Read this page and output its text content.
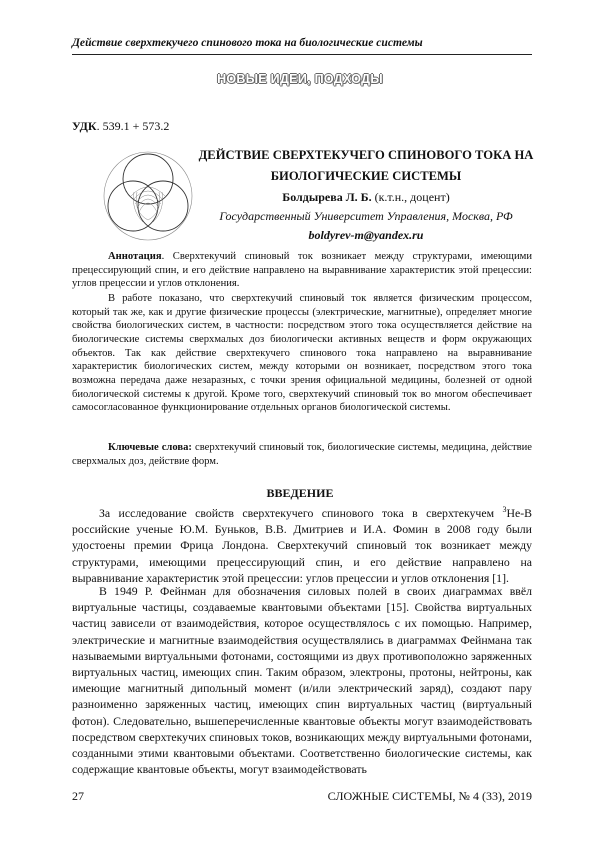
Действие сверхтекучего спинового тока на биологические системы
НОВЫЕ ИДЕИ, ПОДХОДЫ
УДК. 539.1 + 573.2
ДЕЙСТВИЕ СВЕРХТЕКУЧЕГО СПИНОВОГО ТОКА НА
БИОЛОГИЧЕСКИЕ СИСТЕМЫ
Болдырева Л. Б. (к.т.н., доцент)
Государственный Университет Управления, Москва, РФ
boldyrev-m@yandex.ru
Аннотация. Сверхтекучий спиновый ток возникает между структурами, имеющими прецессирующий спин, и его действие направлено на выравнивание характеристик этой прецессии: углов прецессии и углов отклонения.
В работе показано, что сверхтекучий спиновый ток является физическим процессом, который так же, как и другие физические процессы (электрические, магнитные), определяет многие свойства биологических систем, в частности: посредством этого тока осуществляется действие на биологические системы сверхмалых доз биологически активных веществ и форм окружающих объектов. Так как действие сверхтекучего спинового тока направлено на выравнивание характеристик биологических систем, между которыми он возникает, посредством этого тока возможна передача даже незаразных, с точки зрения официальной медицины, болезней от одной биологической системы к другой. Кроме того, сверхтекучий спиновый ток во многом обеспечивает самосогласованное функционирование отдельных органов биологической системы.
Ключевые слова: сверхтекучий спиновый ток, биологические системы, медицина, действие сверхмалых доз, действие форм.
ВВЕДЕНИЕ
За исследование свойств сверхтекучего спинового тока в сверхтекучем $^3$He-B российские ученые Ю.М. Буньков, В.В. Дмитриев и И.А. Фомин в 2008 году были удостоены премии Фрица Лондона. Сверхтекучий спиновый ток возникает между структурами, имеющими прецессирующий спин, и его действие направлено на выравнивание характеристик этой прецессии: углов прецессии и углов отклонения [1].
В 1949 Р. Фейнман для обозначения силовых полей в своих диаграммах ввёл виртуальные частицы, создаваемые квантовыми объектами [15]. Свойства виртуальных частиц зависели от взаимодействия, которое осуществлялось с их помощью. Например, электрические и магнитные взаимодействия осуществлялись в диаграммах Фейнмана так называемыми виртуальными фотонами, состоящими из двух противоположно заряженных виртуальных частиц, имеющих спин. Таким образом, электроны, протоны, нейтроны, как имеющие магнитный дипольный момент (и/или электрический заряд), создают пару разноименно заряженных частиц, имеющих спин виртуальных частиц (виртуальный фотон). Следовательно, вышеперечисленные квантовые объекты могут взаимодействовать посредством сверхтекучих спиновых токов, возникающих между виртуальными фотонами, созданными этими квантовыми объектами. Соответственно биологические системы, как содержащие квантовые объекты, могут взаимодействовать
27	СЛОЖНЫЕ СИСТЕМЫ, № 4 (33), 2019
